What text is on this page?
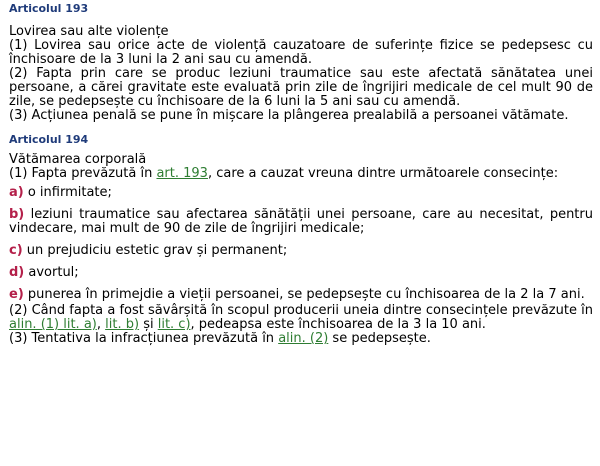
Articolul 193
Lovirea sau alte violențe

(1) Lovirea sau orice acte de violență cauzatoare de suferințe fizice se pedepsesc cu închisoare de la 3 luni la 2 ani sau cu amendă.

(2) Fapta prin care se produc leziuni traumatice sau este afectată sănătatea unei persoane, a cărei gravitate este evaluată prin zile de îngrijiri medicale de cel mult 90 de zile, se pedepsește cu închisoare de la 6 luni la 5 ani sau cu amendă.

(3) Acțiunea penală se pune în mișcare la plângerea prealabilă a persoanei vătămate.

Articolul 194
Vătămarea corporală

(1) Fapta prevăzută în art. 193, care a cauzat vreuna dintre următoarele consecințe:

a) o infirmitate;

b) leziuni traumatice sau afectarea sănătății unei persoane, care au necesitat, pentru vindecare, mai mult de 90 de zile de îngrijiri medicale;

c) un prejudiciu estetic grav și permanent;

d) avortul;

e) punerea în primejdie a vieții persoanei, se pedepsește cu închisoarea de la 2 la 7 ani.

(2) Când fapta a fost săvârșită în scopul producerii uneia dintre consecințele prevăzute în alin. (1) lit. a), lit. b) și lit. c), pedeapsa este închisoarea de la 3 la 10 ani.

(3) Tentativa la infracțiunea prevăzută în alin. (2) se pedepsește.
